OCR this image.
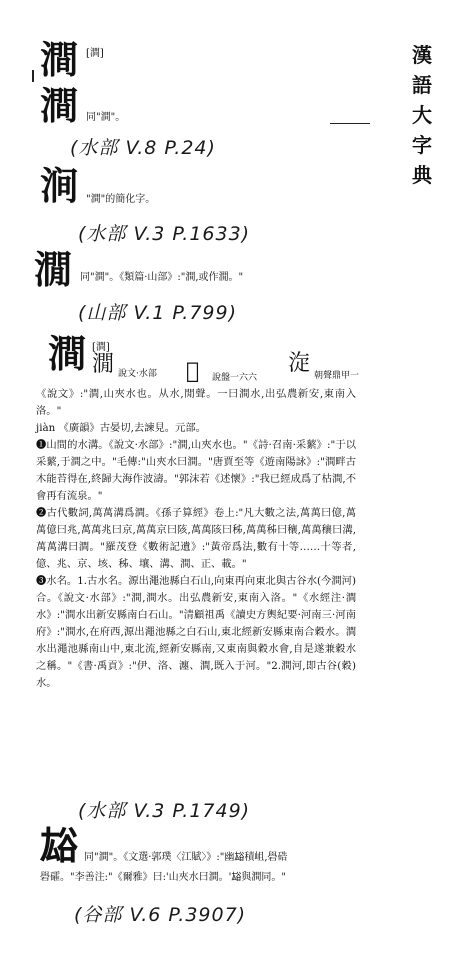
漢
語
大
字
典
澗 [澗]
澗 同"澗"。
(水部 V.8 P.24)
涧 "澗"的簡化字。
(水部 V.3 P.1633)
㵎 同"澗"。《類篇·山部》:"澗,或作㵎。"
(山部 V.1 P.799)
澗 [澗]
㵎 說文·水部 𢔐 說盤一六六
㳬 朝聲鼎甲一

《說文》:"澗,山夾水也。从水,閒聲。一曰澗水,出弘農新安,東南入洛。"

jiàn 《廣韻》古晏切,去諫見。元部。

❶山間的水溝。《說文·水部》:"澗,山夾水也。"《詩·召南·采蘩》:"于以采蘩,于澗之中。"毛傳:"山夾水曰澗。"唐賈至等《遊南陽詠》:"澗畔古木能苔得在,終歸大海作波濤。"郭沫若《述懷》:"我已經成爲了枯澗,不會再有流泉。"

❷古代數詞,萬萬溝爲澗。《孫子算經》卷上:"凡大數之法,萬萬曰億,萬萬億曰兆,萬萬兆曰京,萬萬京曰陔,萬萬陔曰秭,萬萬秭曰穰,萬萬穰曰溝,萬萬溝曰澗。"羅茂登《數術記遺》:"黃帝爲法,數有十等……十等者,億、兆、京、垓、秭、壤、溝、澗、正、載。"

❸水名。1.古水名。源出澠池縣白石山,向東再向東北與古谷水(今澗河)合。《說文·水部》:"澗,澗水。出弘農新安,東南入洛。"《水經注·澗水》:"澗水出新安縣南白石山。"清顧祖禹《讀史方輿紀要·河南三·河南府》:"澗水,在府西,源出澠池縣之白石山,東北經新安縣東南合穀水。澗水出澠池縣南山中,東北流,經新安縣南,又東南與穀水會,自是遂兼穀水之稱。"《書·禹貢》:"伊、洛、瀍、澗,既入于河。"2.澗河,即古谷(穀)水。

(水部 V.3 P.1749)
𧮯 同"澗"。《文選·郭璞〈江賦〉》:"幽𧮯積岨,礐硞
礐礭。"李善注:"《爾雅》曰:'山夾水曰澗。'𧮯與澗同。"
(谷部 V.6 P.3907)
